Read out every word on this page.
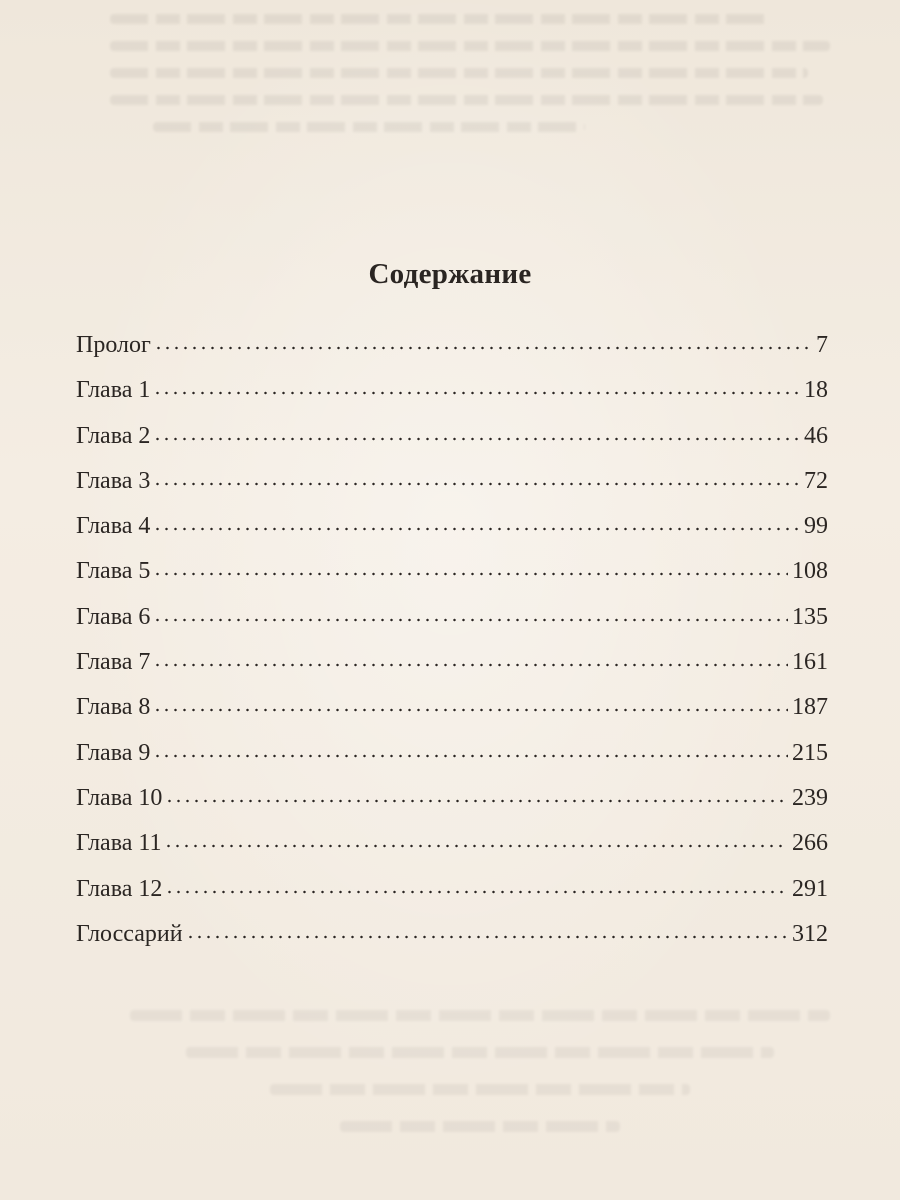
Содержание
Пролог	7
Глава 1	18
Глава 2	46
Глава 3	72
Глава 4	99
Глава 5	108
Глава 6	135
Глава 7	161
Глава 8	187
Глава 9	215
Глава 10	239
Глава 11	266
Глава 12	291
Глоссарий	312
